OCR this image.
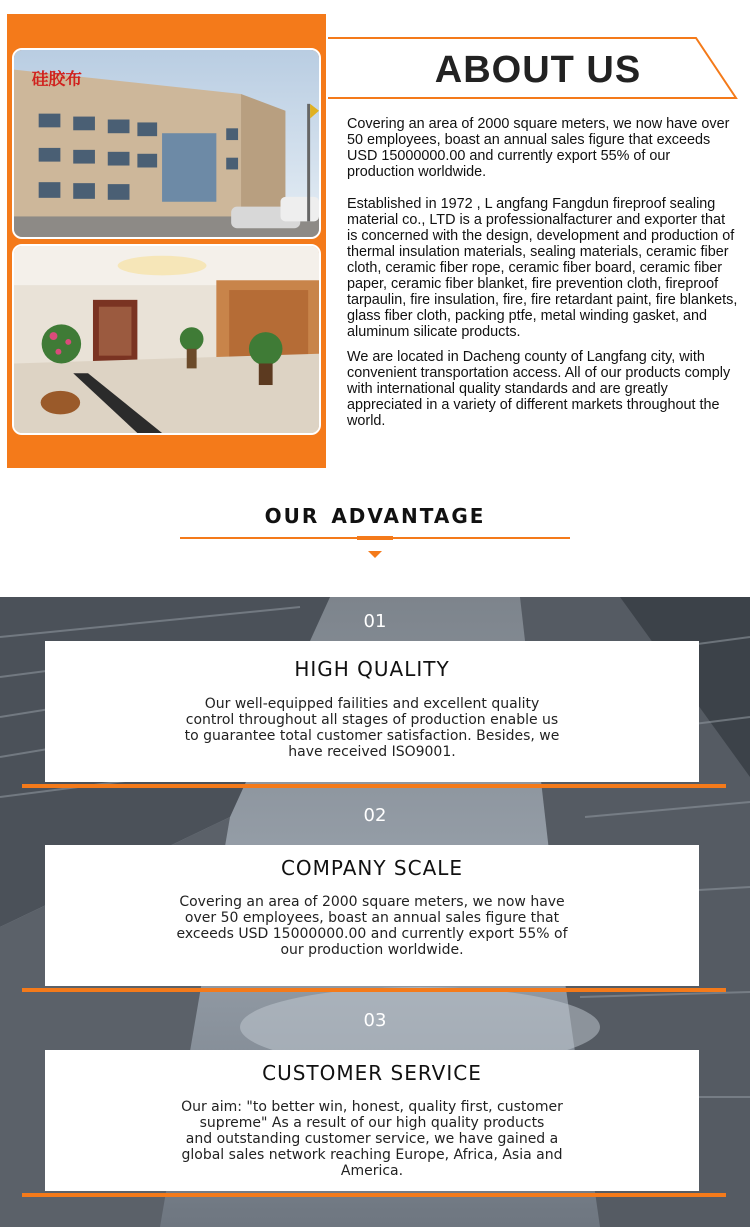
硅胶布	ABOUT US

Covering an area of 2000 square meters, we now have over 50 employees, boast an annual sales figure that exceeds USD 15000000.00 and currently export 55% of our production worldwide.

Established in 1972 , L angfang Fangdun fireproof sealing material co., LTD is a professionalfacturer and exporter that is concerned with the design, development and production of thermal insulation materials, sealing materials, ceramic fiber cloth, ceramic fiber rope, ceramic fiber board, ceramic fiber paper, ceramic fiber blanket, fire prevention cloth, fireproof tarpaulin, fire insulation, fire, fire retardant paint, fire blankets, glass fiber cloth, packing ptfe, metal winding gasket, and aluminum silicate products.

We are located in Dacheng county of Langfang city, with convenient transportation access. All of our products comply with international quality standards and are greatly appreciated in a variety of different markets throughout the world.

our advantage
01
HIGH QUALITY
Our well-equipped failities and excellent quality
control throughout all stages of production enable us
to guarantee total customer satisfaction. Besides, we
have received ISO9001.
02
COMPANY SCALE
Covering an area of 2000 square meters, we now have
over 50 employees, boast an annual sales figure that
exceeds USD 15000000.00 and currently export 55% of
our production worldwide.
03
CUSTOMER SERVICE
Our aim: "to better win, honest, quality first, customer
supreme" As a result of our high quality products
and outstanding customer service, we have gained a
global sales network reaching Europe, Africa, Asia and
America.
